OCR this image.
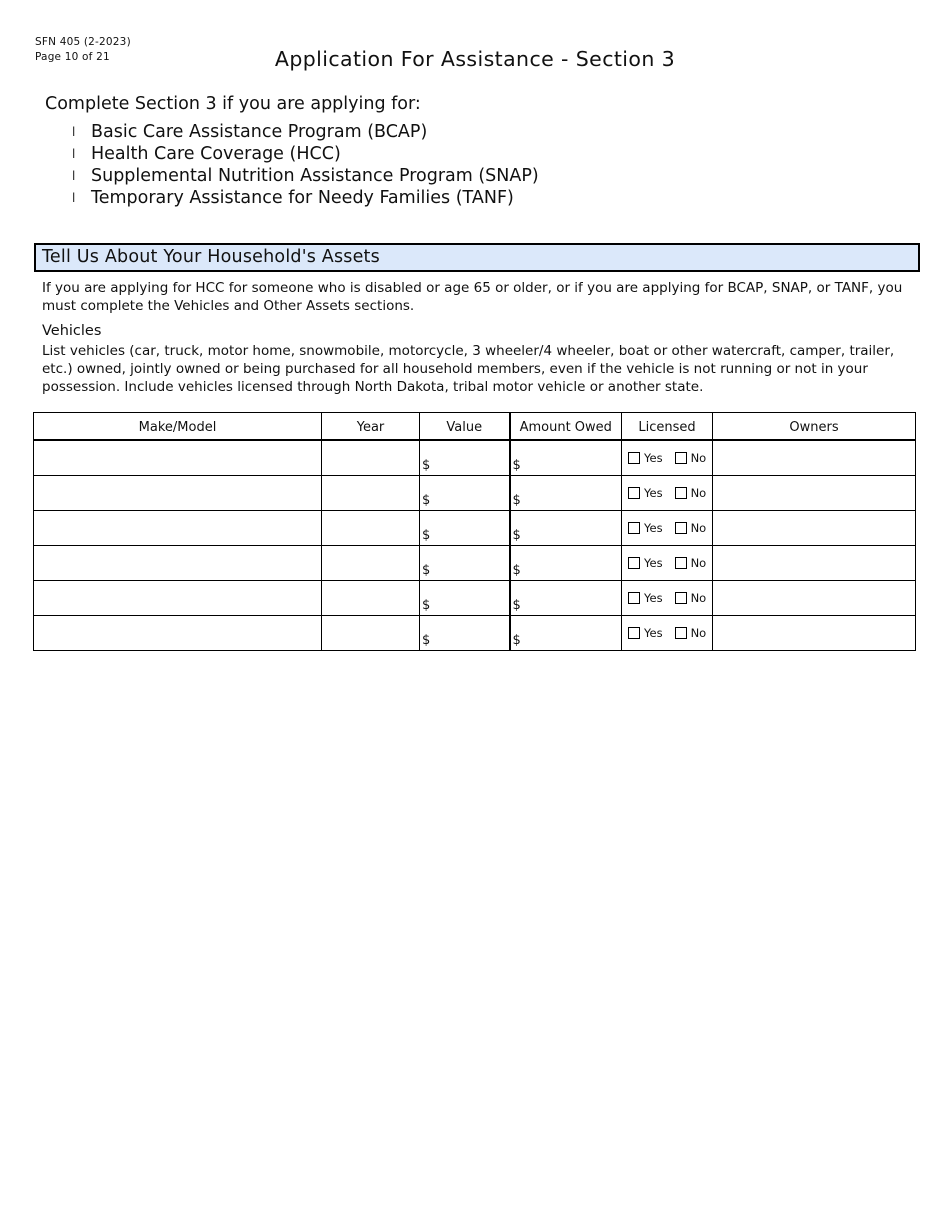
SFN 405 (2-2023)
Page 10 of 21	Application For Assistance - Section 3
Complete Section 3 if you are applying for:
l Basic Care Assistance Program (BCAP)
l Health Care Coverage (HCC)
l Supplemental Nutrition Assistance Program (SNAP)
l Temporary Assistance for Needy Families (TANF)
Tell Us About Your Household's Assets
If you are applying for HCC for someone who is disabled or age 65 or older, or if you are applying for BCAP, SNAP, or TANF, you must complete the Vehicles and Other Assets sections.
Vehicles
List vehicles (car, truck, motor home, snowmobile, motorcycle, 3 wheeler/4 wheeler, boat or other watercraft, camper, trailer, etc.) owned, jointly owned or being purchased for all household members, even if the vehicle is not running or not in your possession. Include vehicles licensed through North Dakota, tribal motor vehicle or another state.
Make/Model	Year	Value	Amount Owed	Licensed	Owners
		$	$	Yes No	

		$	$	Yes No	

		$	$	Yes No	

		$	$	Yes No	

		$	$	Yes No	

		$	$	Yes No	
